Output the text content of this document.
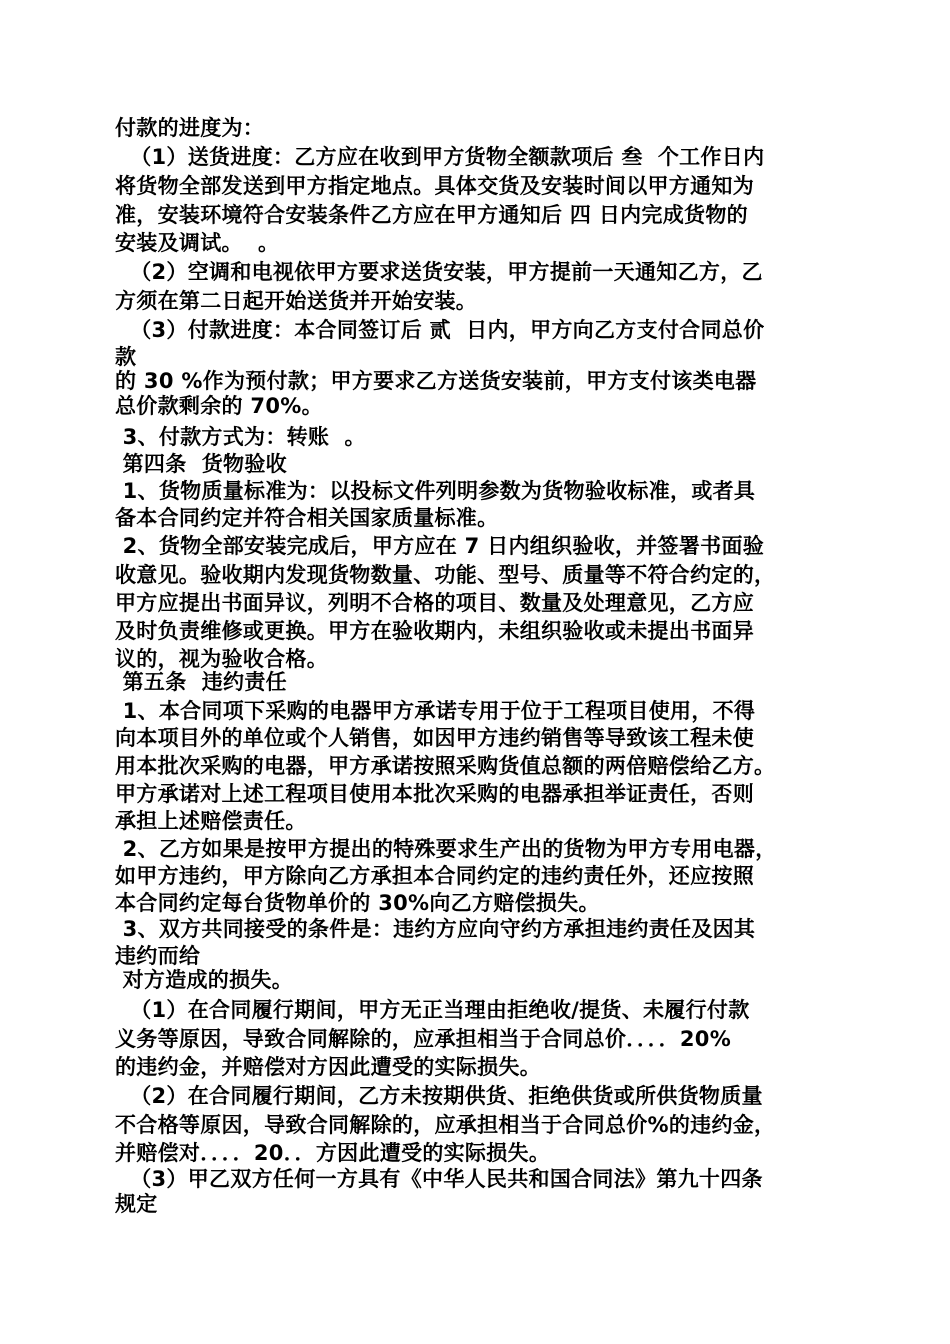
付款的进度为：
（1）送货进度：乙方应在收到甲方货物全额款项后 叁  个工作日内
将货物全部发送到甲方指定地点。具体交货及安装时间以甲方通知为
准，安装环境符合安装条件乙方应在甲方通知后 四 日内完成货物的
安装及调试。  。
（2）空调和电视依甲方要求送货安装，甲方提前一天通知乙方，乙
方须在第二日起开始送货并开始安装。
（3）付款进度：本合同签订后 贰  日内，甲方向乙方支付合同总价
款
的 30 %作为预付款；甲方要求乙方送货安装前，甲方支付该类电器
总价款剩余的 70%。
3、付款方式为：转账  。
第四条  货物验收
1、货物质量标准为：以投标文件列明参数为货物验收标准，或者具
备本合同约定并符合相关国家质量标准。
2、货物全部安装完成后，甲方应在 7 日内组织验收，并签署书面验
收意见。验收期内发现货物数量、功能、型号、质量等不符合约定的，
甲方应提出书面异议，列明不合格的项目、数量及处理意见，乙方应
及时负责维修或更换。甲方在验收期内，未组织验收或未提出书面异
议的，视为验收合格。
第五条  违约责任
1、本合同项下采购的电器甲方承诺专用于位于工程项目使用，不得
向本项目外的单位或个人销售，如因甲方违约销售等导致该工程未使
用本批次采购的电器，甲方承诺按照采购货值总额的两倍赔偿给乙方。
甲方承诺对上述工程项目使用本批次采购的电器承担举证责任，否则
承担上述赔偿责任。
2、乙方如果是按甲方提出的特殊要求生产出的货物为甲方专用电器，
如甲方违约，甲方除向乙方承担本合同约定的违约责任外，还应按照
本合同约定每台货物单价的 30%向乙方赔偿损失。
3、双方共同接受的条件是：违约方应向守约方承担违约责任及因其
违约而给
对方造成的损失。
（1）在合同履行期间，甲方无正当理由拒绝收/提货、未履行付款
义务等原因，导致合同解除的，应承担相当于合同总价．．．．20%
的违约金，并赔偿对方因此遭受的实际损失。
（2）在合同履行期间，乙方未按期供货、拒绝供货或所供货物质量
不合格等原因，导致合同解除的，应承担相当于合同总价%的违约金，
并赔偿对．．．．20．．方因此遭受的实际损失。
（3）甲乙双方任何一方具有《中华人民共和国合同法》第九十四条
规定
